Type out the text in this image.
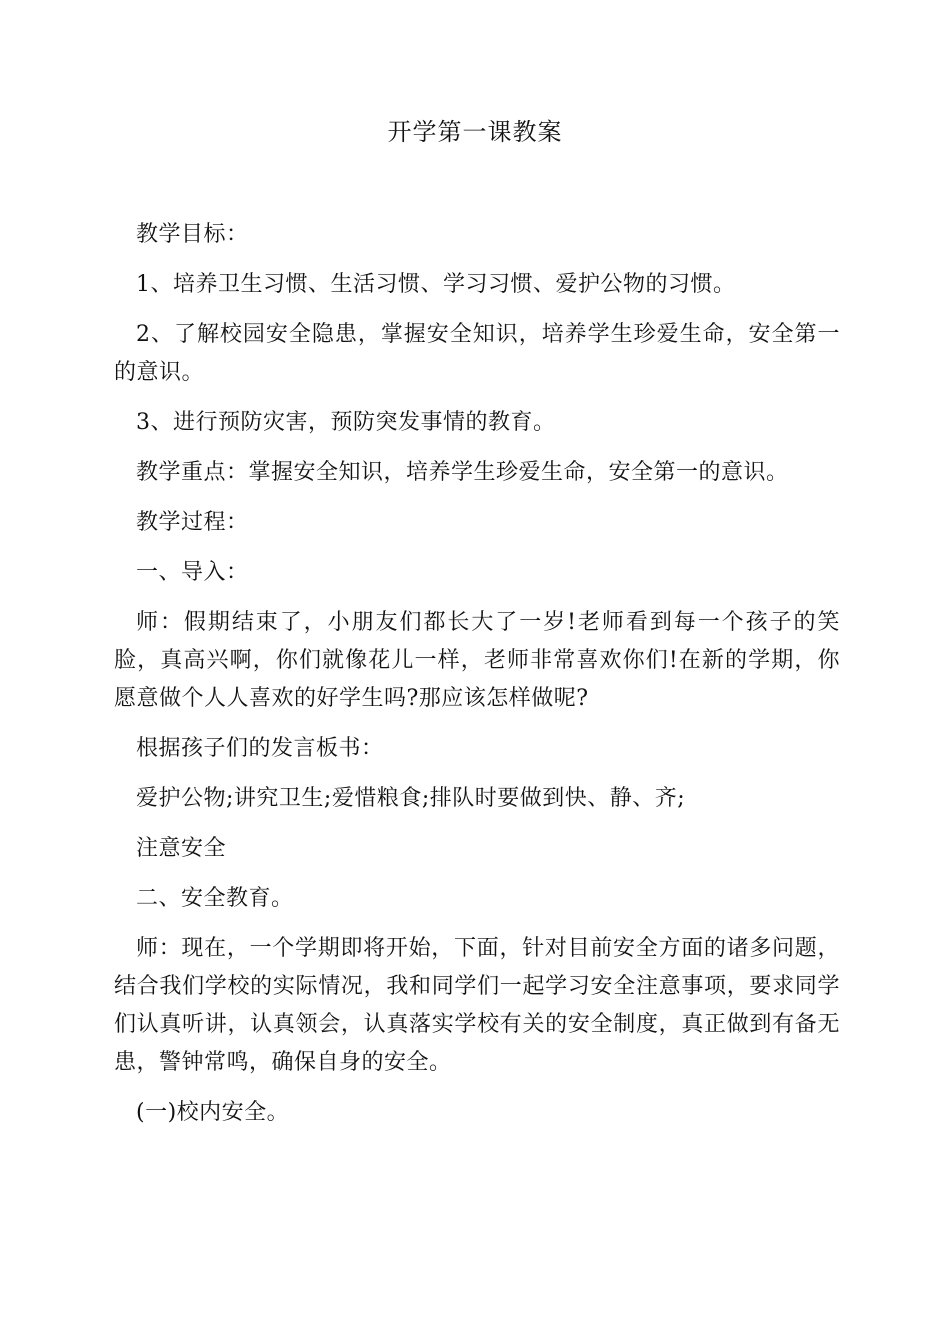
开学第一课教案

教学目标：

1、培养卫生习惯、生活习惯、学习习惯、爱护公物的习惯。

2、了解校园安全隐患，掌握安全知识，培养学生珍爱生命，安全第一的意识。

3、进行预防灾害，预防突发事情的教育。

教学重点：掌握安全知识，培养学生珍爱生命，安全第一的意识。

教学过程：

一、导入：

师：假期结束了，小朋友们都长大了一岁!老师看到每一个孩子的笑脸，真高兴啊，你们就像花儿一样，老师非常喜欢你们!在新的学期，你愿意做个人人喜欢的好学生吗?那应该怎样做呢?

根据孩子们的发言板书：

爱护公物;讲究卫生;爱惜粮食;排队时要做到快、静、齐;

注意安全

二、安全教育。

师：现在，一个学期即将开始，下面，针对目前安全方面的诸多问题，结合我们学校的实际情况，我和同学们一起学习安全注意事项，要求同学们认真听讲，认真领会，认真落实学校有关的安全制度，真正做到有备无患，警钟常鸣，确保自身的安全。

(一)校内安全。
